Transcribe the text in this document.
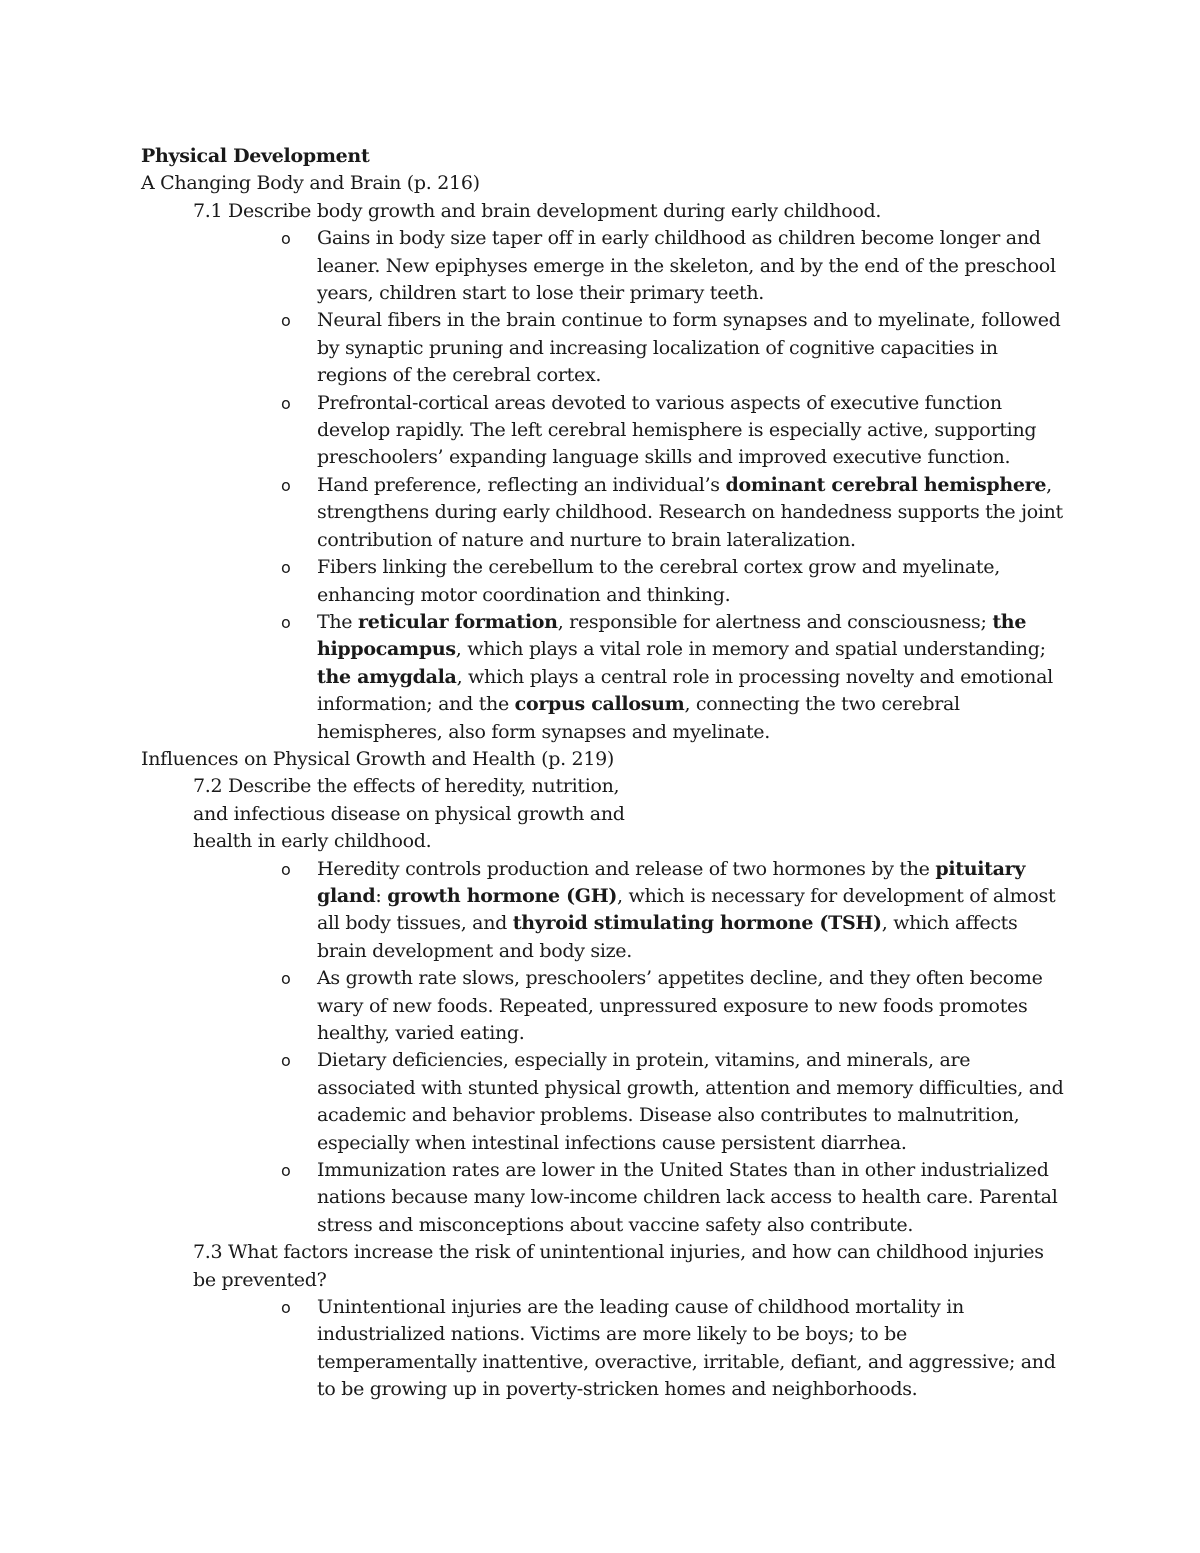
Physical Development
A Changing Body and Brain (p. 216)
7.1 Describe body growth and brain development during early childhood.
o Gains in body size taper off in early childhood as children become longer and leaner. New epiphyses emerge in the skeleton, and by the end of the preschool years, children start to lose their primary teeth.
o Neural fibers in the brain continue to form synapses and to myelinate, followed by synaptic pruning and increasing localization of cognitive capacities in regions of the cerebral cortex.
o Prefrontal-cortical areas devoted to various aspects of executive function develop rapidly. The left cerebral hemisphere is especially active, supporting preschoolers’ expanding language skills and improved executive function.
o Hand preference, reflecting an individual’s dominant cerebral hemisphere, strengthens during early childhood. Research on handedness supports the joint contribution of nature and nurture to brain lateralization.
o Fibers linking the cerebellum to the cerebral cortex grow and myelinate, enhancing motor coordination and thinking.
o The reticular formation, responsible for alertness and consciousness; the hippocampus, which plays a vital role in memory and spatial understanding; the amygdala, which plays a central role in processing novelty and emotional information; and the corpus callosum, connecting the two cerebral hemispheres, also form synapses and myelinate.
Influences on Physical Growth and Health (p. 219)
7.2 Describe the effects of heredity, nutrition, and infectious disease on physical growth and health in early childhood.
o Heredity controls production and release of two hormones by the pituitary gland: growth hormone (GH), which is necessary for development of almost all body tissues, and thyroid stimulating hormone (TSH), which affects brain development and body size.
o As growth rate slows, preschoolers’ appetites decline, and they often become wary of new foods. Repeated, unpressured exposure to new foods promotes healthy, varied eating.
o Dietary deficiencies, especially in protein, vitamins, and minerals, are associated with stunted physical growth, attention and memory difficulties, and academic and behavior problems. Disease also contributes to malnutrition, especially when intestinal infections cause persistent diarrhea.
o Immunization rates are lower in the United States than in other industrialized nations because many low-income children lack access to health care. Parental stress and misconceptions about vaccine safety also contribute.
7.3 What factors increase the risk of unintentional injuries, and how can childhood injuries be prevented?
o Unintentional injuries are the leading cause of childhood mortality in industrialized nations. Victims are more likely to be boys; to be temperamentally inattentive, overactive, irritable, defiant, and aggressive; and to be growing up in poverty-stricken homes and neighborhoods.
